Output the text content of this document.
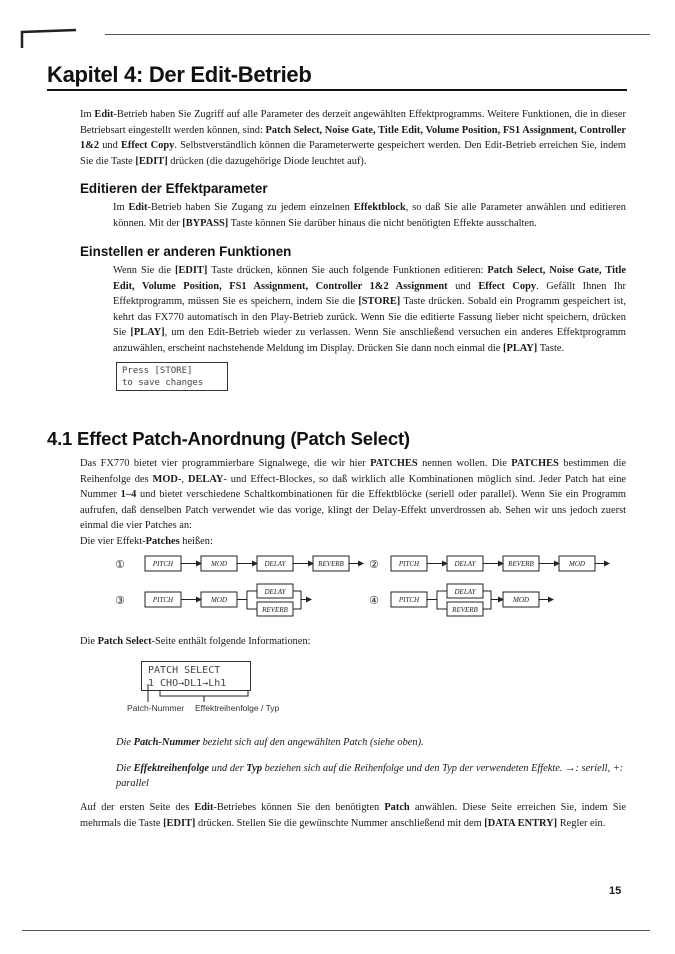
Kapitel 4: Der Edit-Betrieb

Im Edit-Betrieb haben Sie Zugriff auf alle Parameter des derzeit angewählten Effektprogramms. Weitere Funktionen, die in dieser Betriebsart eingestellt werden können, sind: Patch Select, Noise Gate, Title Edit, Volume Position, FS1 Assignment, Controller 1&2 und Effect Copy. Selbstverständlich können die Parameterwerte gespeichert werden. Den Edit-Betrieb erreichen Sie, indem Sie die Taste [EDIT] drücken (die dazugehörige Diode leuchtet auf).

Editieren der Effektparameter

Im Edit-Betrieb haben Sie Zugang zu jedem einzelnen Effektblock, so daß Sie alle Parameter anwählen und editieren können. Mit der [BYPASS] Taste können Sie darüber hinaus die nicht benötigten Effekte ausschalten.

Einstellen er anderen Funktionen

Wenn Sie die [EDIT] Taste drücken, können Sie auch folgende Funktionen editieren: Patch Select, Noise Gate, Title Edit, Volume Position, FS1 Assignment, Controller 1&2 Assignment und Effect Copy. Gefällt Ihnen Ihr Effektprogramm, müssen Sie es speichern, indem Sie die [STORE] Taste drücken. Sobald ein Programm gespeichert ist, kehrt das FX770 automatisch in den Play-Betrieb zurück. Wenn Sie die editierte Fassung lieber nicht speichern, drücken Sie [PLAY], um den Edit-Betrieb wieder zu verlassen. Wenn Sie anschließend versuchen ein anderes Effektprogramm anzuwählen, erscheint nachstehende Meldung im Display. Drücken Sie dann noch einmal die [PLAY] Taste.

Press [STORE]
to save changes
4.1 Effect Patch-Anordnung (Patch Select)

Das FX770 bietet vier programmierbare Signalwege, die wir hier PATCHES nennen wollen. Die PATCHES bestimmen die Reihenfolge des MOD-, DELAY- und Effect-Blockes, so daß wirklich alle Kombinationen möglich sind. Jeder Patch hat eine Nummer 1–4 und bietet verschiedene Schaltkombinationen für die Effektblöcke (seriell oder parallel). Wenn Sie ein Programm aufrufen, daß denselben Patch verwendet wie das vorige, klingt der Delay-Effekt unverdrossen ab. Sehen wir uns jedoch zuerst einmal die vier Patches an:
Die vier Effekt-Patches heißen:

①	②
③	④
PITCH	MOD	DELAY	REVERB	PITCH	DELAY	REVERB	MOD
PITCH	MOD
DELAY
REVERB
PITCH
DELAY
REVERB
MOD

Die Patch Select-Seite enthält folgende Informationen:

PATCH SELECT
1 CHO→DL1→Lh1

Patch-Nummer Effektreihenfolge / Typ

Die Patch-Nummer bezieht sich auf den angewählten Patch (siehe oben).

Die Effektreihenfolge und der Typ beziehen sich auf die Reihenfolge und den Typ der verwendeten Effekte. →: seriell, +: parallel

Auf der ersten Seite des Edit-Betriebes können Sie den benötigten Patch anwählen. Diese Seite erreichen Sie, indem Sie mehrmals die Taste [EDIT] drücken. Stellen Sie die gewünschte Nummer anschließend mit dem [DATA ENTRY] Regler ein.

15
